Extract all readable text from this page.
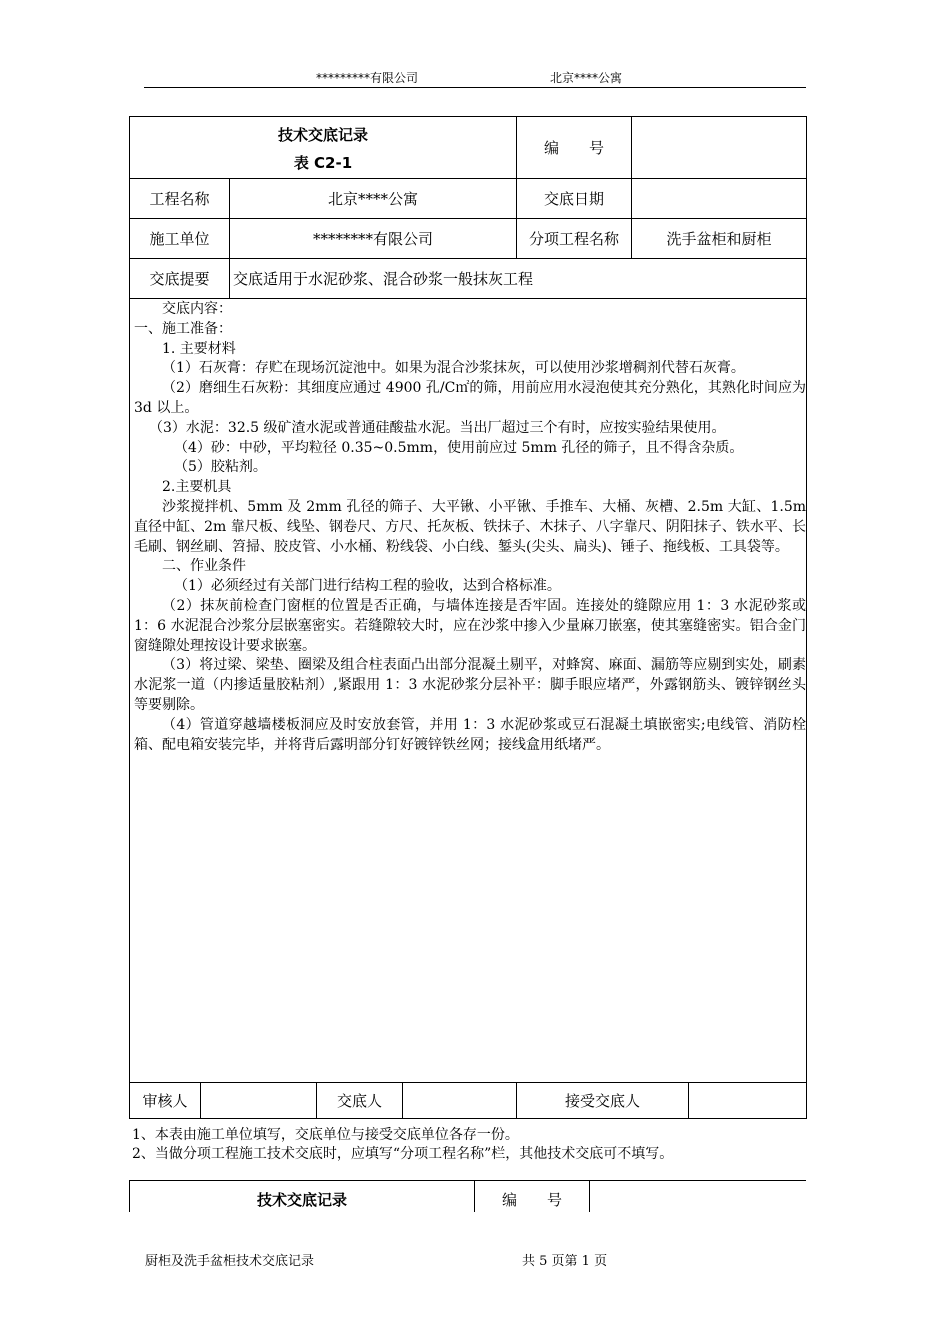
*********有限公司	北京****公寓
技术交底记录
表 C2-1					编　　号		
工程名称		北京****公寓			交底日期		
施工单位		********有限公司			分项工程名称	洗手盆柜和厨柜	
交底提要		交底适用于水泥砂浆、混合砂浆一般抹灰工程					

审核人			交底人		接受交底人		

交底内容：

一、施工准备：

1. 主要材料

（1）石灰膏：存贮在现场沉淀池中。如果为混合沙浆抹灰，可以使用沙浆增稠剂代替石灰膏。

（2）磨细生石灰粉：其细度应通过 4900 孔/C㎡的筛，用前应用水浸泡使其充分熟化，其熟化时间应为 3d 以上。

（3）水泥：32.5 级矿渣水泥或普通硅酸盐水泥。当出厂超过三个有时，应按实验结果使用。

（4）砂：中砂，平均粒径 0.35~0.5mm，使用前应过 5mm 孔径的筛子，且不得含杂质。

（5）胶粘剂。

2.主要机具

沙浆搅拌机、5mm 及 2mm 孔径的筛子、大平锹、小平锹、手推车、大桶、灰槽、2.5m 大缸、1.5m 直径中缸、2m 靠尺板、线坠、钢卷尺、方尺、托灰板、铁抹子、木抹子、八字靠尺、阴阳抹子、铁水平、长毛刷、钢丝刷、笤掃、胶皮管、小水桶、粉线袋、小白线、錾头(尖头、扁头)、锤子、拖线板、工具袋等。

二、作业条件

（1）必须经过有关部门进行结构工程的验收，达到合格标准。

（2）抹灰前检查门窗框的位置是否正确，与墙体连接是否牢固。连接处的缝隙应用 1：3 水泥砂浆或 1：6 水泥混合沙浆分层嵌塞密实。若缝隙较大时，应在沙浆中掺入少量麻刀嵌塞，使其塞缝密实。铝合金门窗缝隙处理按设计要求嵌塞。

（3）将过梁、梁垫、圈梁及组合柱表面凸出部分混凝土剔平，对蜂窝、麻面、漏筋等应剔到实处，刷素水泥浆一道（内掺适量胶粘剂）,紧跟用 1：3 水泥砂浆分层补平：脚手眼应堵严，外露钢筋头、镀锌钢丝头等要剔除。

（4）管道穿越墙楼板洞应及时安放套管，并用 1：3 水泥砂浆或豆石混凝土填嵌密实;电线管、消防栓箱、配电箱安装完毕，并将背后露明部分钉好镀锌铁丝网；接线盒用纸堵严。

1、本表由施工单位填写，交底单位与接受交底单位各存一份。
2、当做分项工程施工技术交底时，应填写“分项工程名称”栏，其他技术交底可不填写。
技术交底记录	编　　号	
厨柜及洗手盆柜技术交底记录	共 5 页第 1 页
